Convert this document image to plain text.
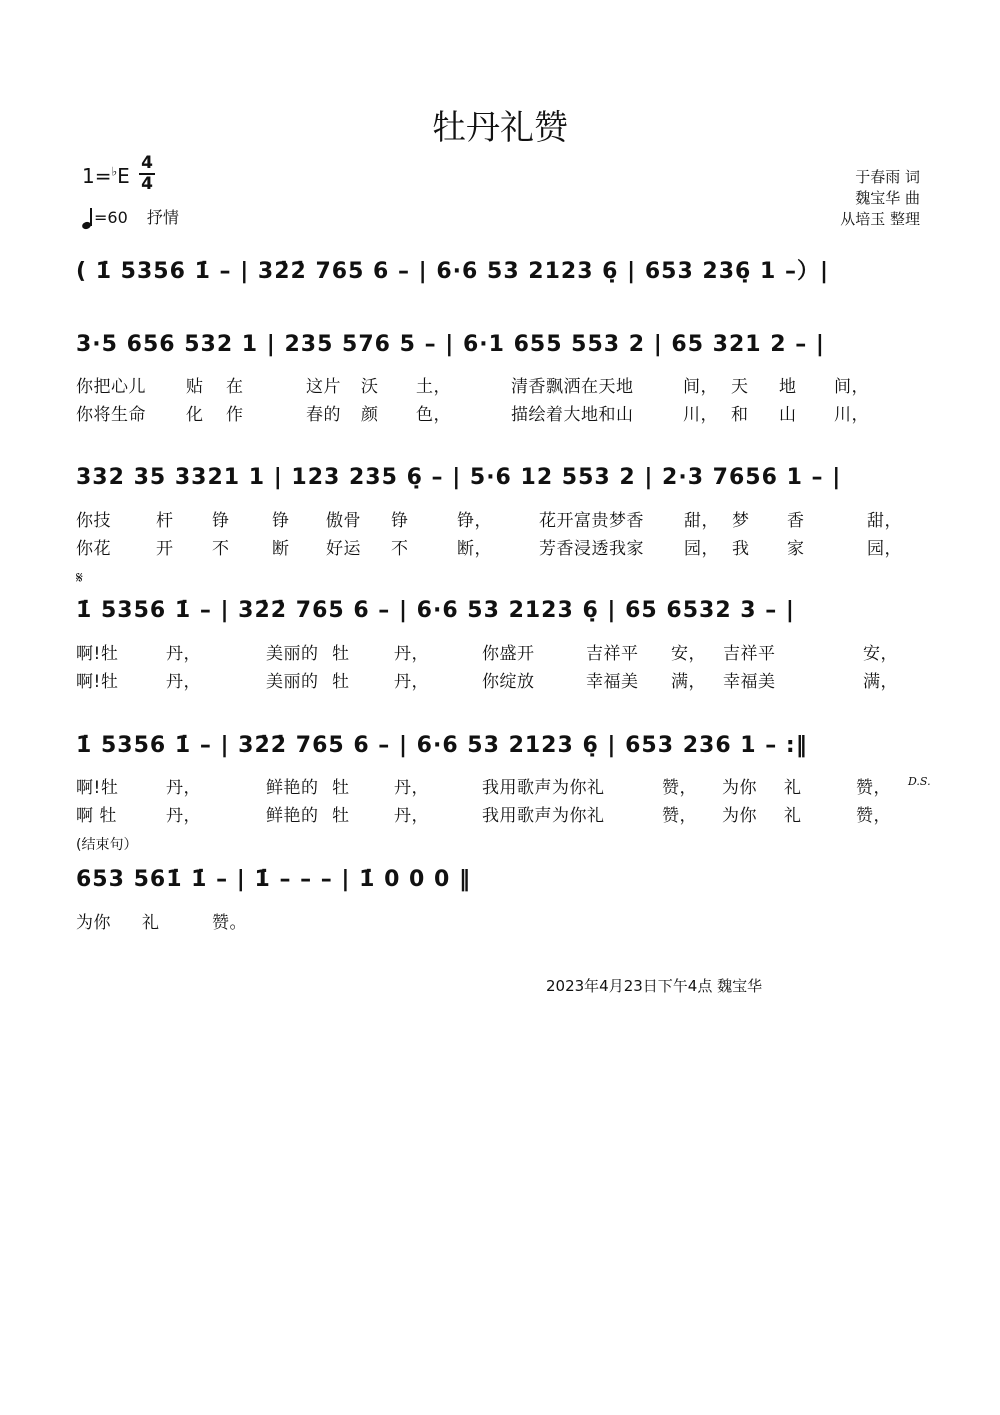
牡丹礼赞
1=♭E
4
4
=60 抒情
于春雨 词
魏宝华 曲
从培玉 整理
( 1̇ 5356 1̇ – | 32̇2̇ 765 6 – | 6·6 53 2123 6̣ | 653 236̣ 1 –）|
3·5 656 532 1 | 235 576 5 – | 6·1 655 553 2 | 65 321 2 – |
你把心儿 贴 在	这片 沃 土，	清香飘洒在天地	间， 天 地 间，
你将生命 化 作	春的 颜 色，	描绘着大地和山	川， 和 山 川，
332 35 3321 1 | 123 235 6̣ – | 5·6 12 553 2 | 2·3 7656 1 – |
你技	杆 铮	铮 傲骨 铮	铮，	花开富贵梦香 甜， 梦 香	甜，
你花	开 不	断 好运 不	断，	芳香浸透我家 园， 我 家	园，
𝄋
1̇ 5356 1̇ – | 32̇2̇ 765 6 – | 6·6 53 2123 6̣ | 65 6532 3 – |
啊!牡	丹，	美丽的 牡	丹，	你盛开	吉祥平 安， 吉祥平	安，
啊!牡	丹，	美丽的 牡	丹，	你绽放	幸福美 满， 幸福美	满，
1̇ 5356 1̇ – | 32̇2̇ 765 6 – | 6·6 53 2123 6̣ | 653 236 1 – :‖
啊!牡	丹，	鲜艳的 牡	丹，	我用歌声为你礼	赞， 为你 礼	赞，	D.S.
啊 牡	丹，	鲜艳的 牡	丹，	我用歌声为你礼	赞， 为你 礼	赞，
(结束句）
653 561̇ 1̇ – | 1̇ – – – | 1̇ 0 0 0 ‖
为你 礼	赞。
2023年4月23日下午4点 魏宝华
